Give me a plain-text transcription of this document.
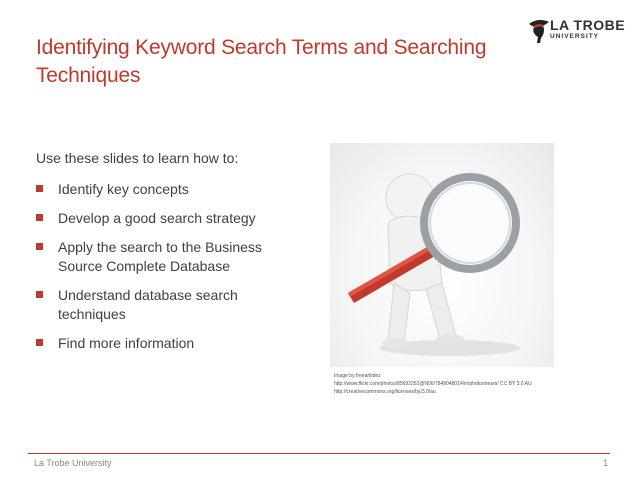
Identifying Keyword Search Terms and Searching Techniques
LA TROBE
UNIVERSITY
Use these slides to learn how to:
Identify key concepts
Develop a good search strategy
Apply the search to the Business Source Complete Database
Understand database search techniques
Find more information
Image by freeartiidez
http://www.flickr.com/photos/85692252@N06/7849048014/in/photostream/ CC BY 3.0 AU
http://creativecommons.org/licenses/by/3.0/au
La Trobe University	1
